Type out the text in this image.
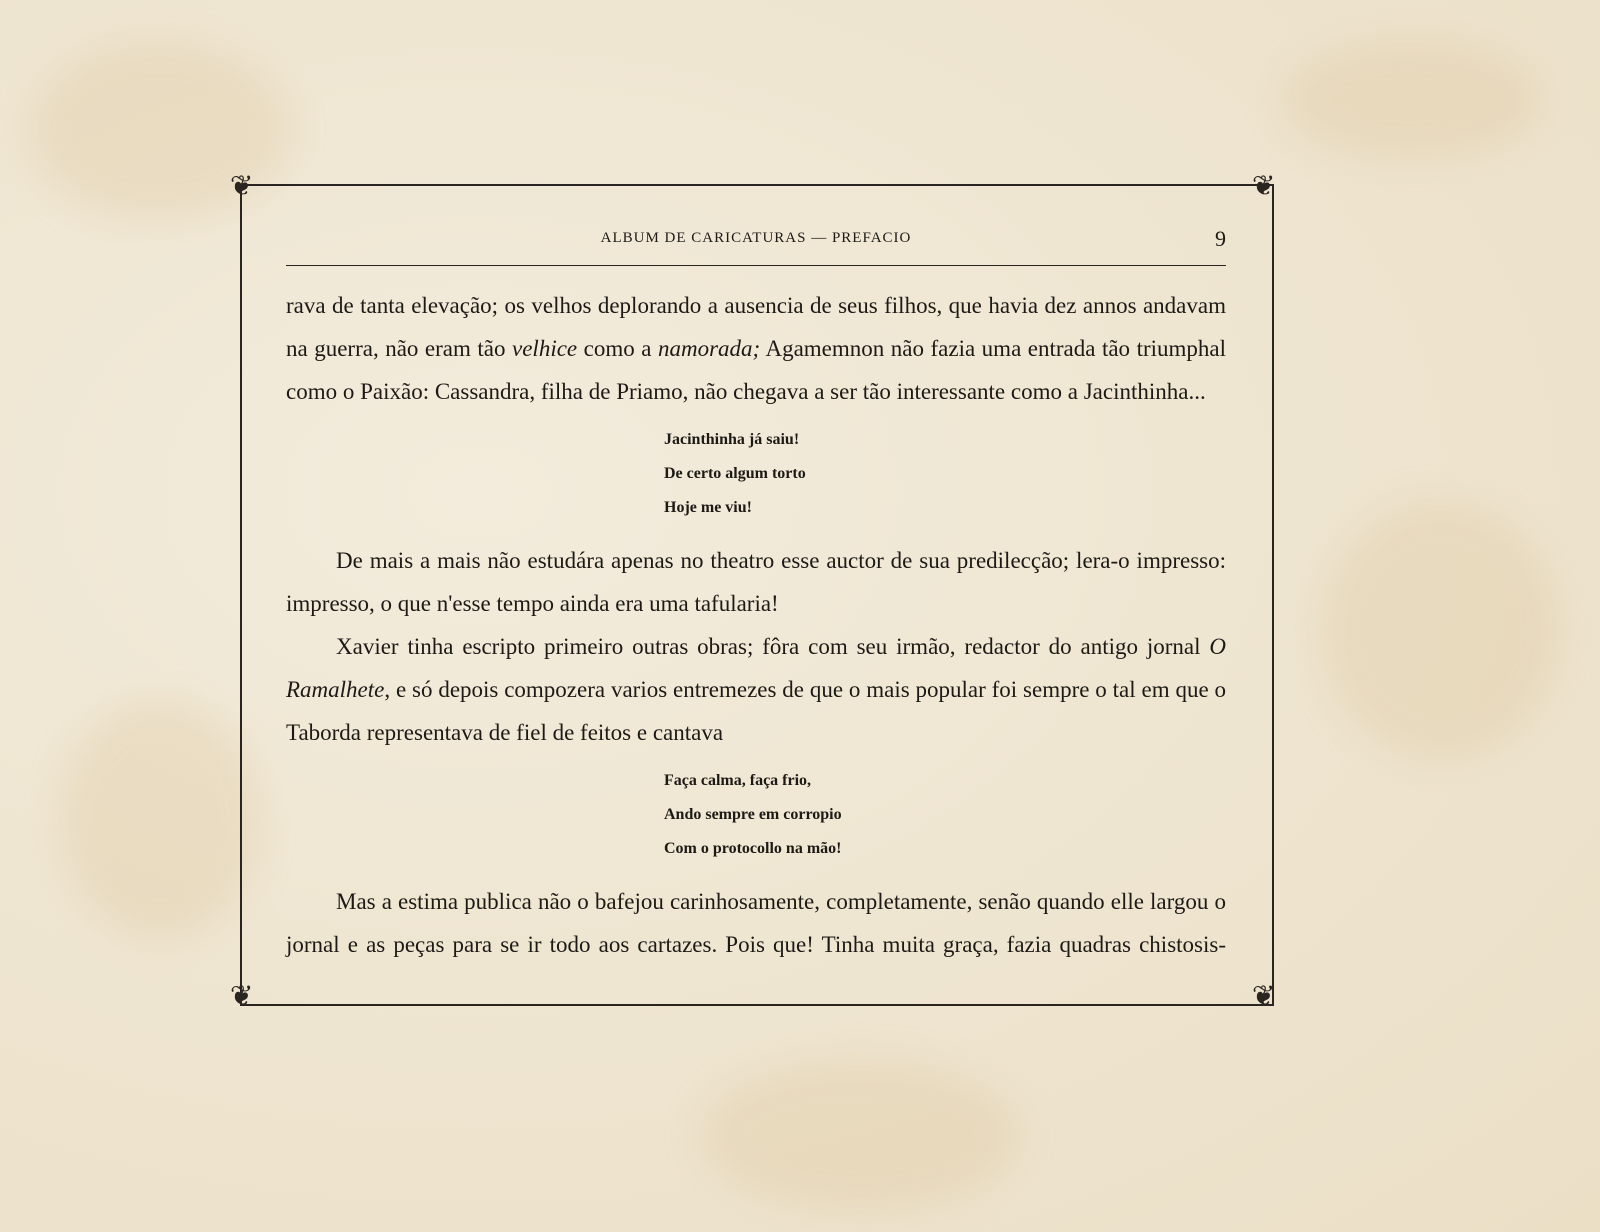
❦	❦
❦	❦
ALBUM DE CARICATURAS — PREFACIO	9

rava de tanta elevação; os velhos deplorando a ausencia de seus filhos, que havia dez annos andavam na guerra, não eram tão velhice como a namorada; Agamemnon não fazia uma entrada tão triumphal como o Paixão: Cassandra, filha de Priamo, não chegava a ser tão interessante como a Jacinthinha...

Jacinthinha já saiu!
De certo algum torto
Hoje me viu!

De mais a mais não estudára apenas no theatro esse auctor de sua predilecção; lera-o impresso: impresso, o que n'esse tempo ainda era uma tafularia!

Xavier tinha escripto primeiro outras obras; fôra com seu irmão, redactor do antigo jornal O Ramalhete, e só depois compozera varios entremezes de que o mais popular foi sempre o tal em que o Taborda representava de fiel de feitos e cantava

Faça calma, faça frio,
Ando sempre em corropio
Com o protocollo na mão!

Mas a estima publica não o bafejou carinhosamente, completamente, senão quando elle largou o jornal e as peças para se ir todo aos cartazes. Pois que! Tinha muita graça, fazia quadras chistosis-
